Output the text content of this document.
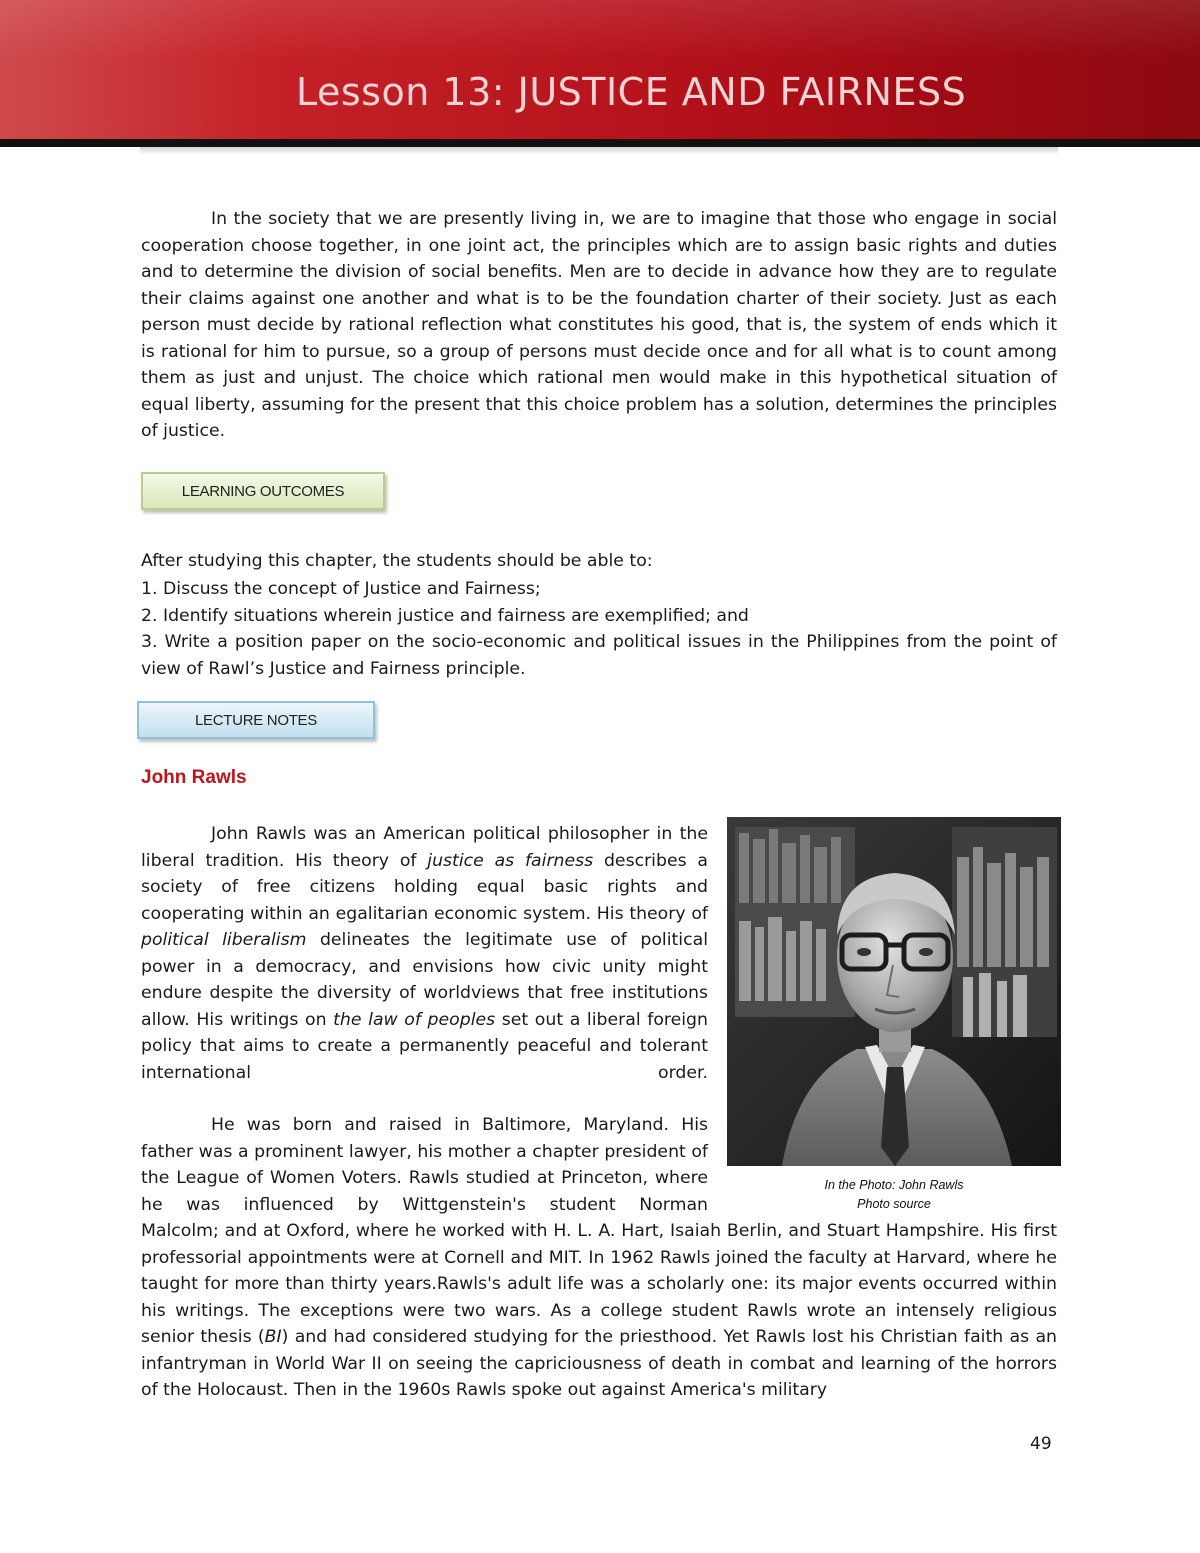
Lesson 13: JUSTICE AND FAIRNESS

In the society that we are presently living in, we are to imagine that those who engage in social cooperation choose together, in one joint act, the principles which are to assign basic rights and duties and to determine the division of social benefits. Men are to decide in advance how they are to regulate their claims against one another and what is to be the foundation charter of their society. Just as each person must decide by rational reflection what constitutes his good, that is, the system of ends which it is rational for him to pursue, so a group of persons must decide once and for all what is to count among them as just and unjust. The choice which rational men would make in this hypothetical situation of equal liberty, assuming for the present that this choice problem has a solution, determines the principles of justice.

LEARNING OUTCOMES

After studying this chapter, the students should be able to:

1. Discuss the concept of Justice and Fairness;
2. Identify situations wherein justice and fairness are exemplified; and
3. Write a position paper on the socio-economic and political issues in the Philippines from the point of view of Rawl’s Justice and Fairness principle.
LECTURE NOTES
John Rawls

John Rawls was an American political philosopher in the liberal tradition. His theory of justice as fairness describes a society of free citizens holding equal basic rights and cooperating within an egalitarian economic system. His theory of political liberalism delineates the legitimate use of political power in a democracy, and envisions how civic unity might endure despite the diversity of worldviews that free institutions allow. His writings on the law of peoples set out a liberal foreign policy that aims to create a permanently peaceful and tolerant international order.

He was born and raised in Baltimore, Maryland. His father was a prominent lawyer, his mother a chapter president of the League of Women Voters. Rawls studied at Princeton, where he was influenced by Wittgenstein's student Norman

Malcolm; and at Oxford, where he worked with H. L. A. Hart, Isaiah Berlin, and Stuart Hampshire. His first professorial appointments were at Cornell and MIT. In 1962 Rawls joined the faculty at Harvard, where he taught for more than thirty years.Rawls's adult life was a scholarly one: its major events occurred within his writings. The exceptions were two wars. As a college student Rawls wrote an intensely religious senior thesis (BI) and had considered studying for the priesthood. Yet Rawls lost his Christian faith as an infantryman in World War II on seeing the capriciousness of death in combat and learning of the horrors of the Holocaust. Then in the 1960s Rawls spoke out against America's military

In the Photo: John Rawls
Photo source
49
